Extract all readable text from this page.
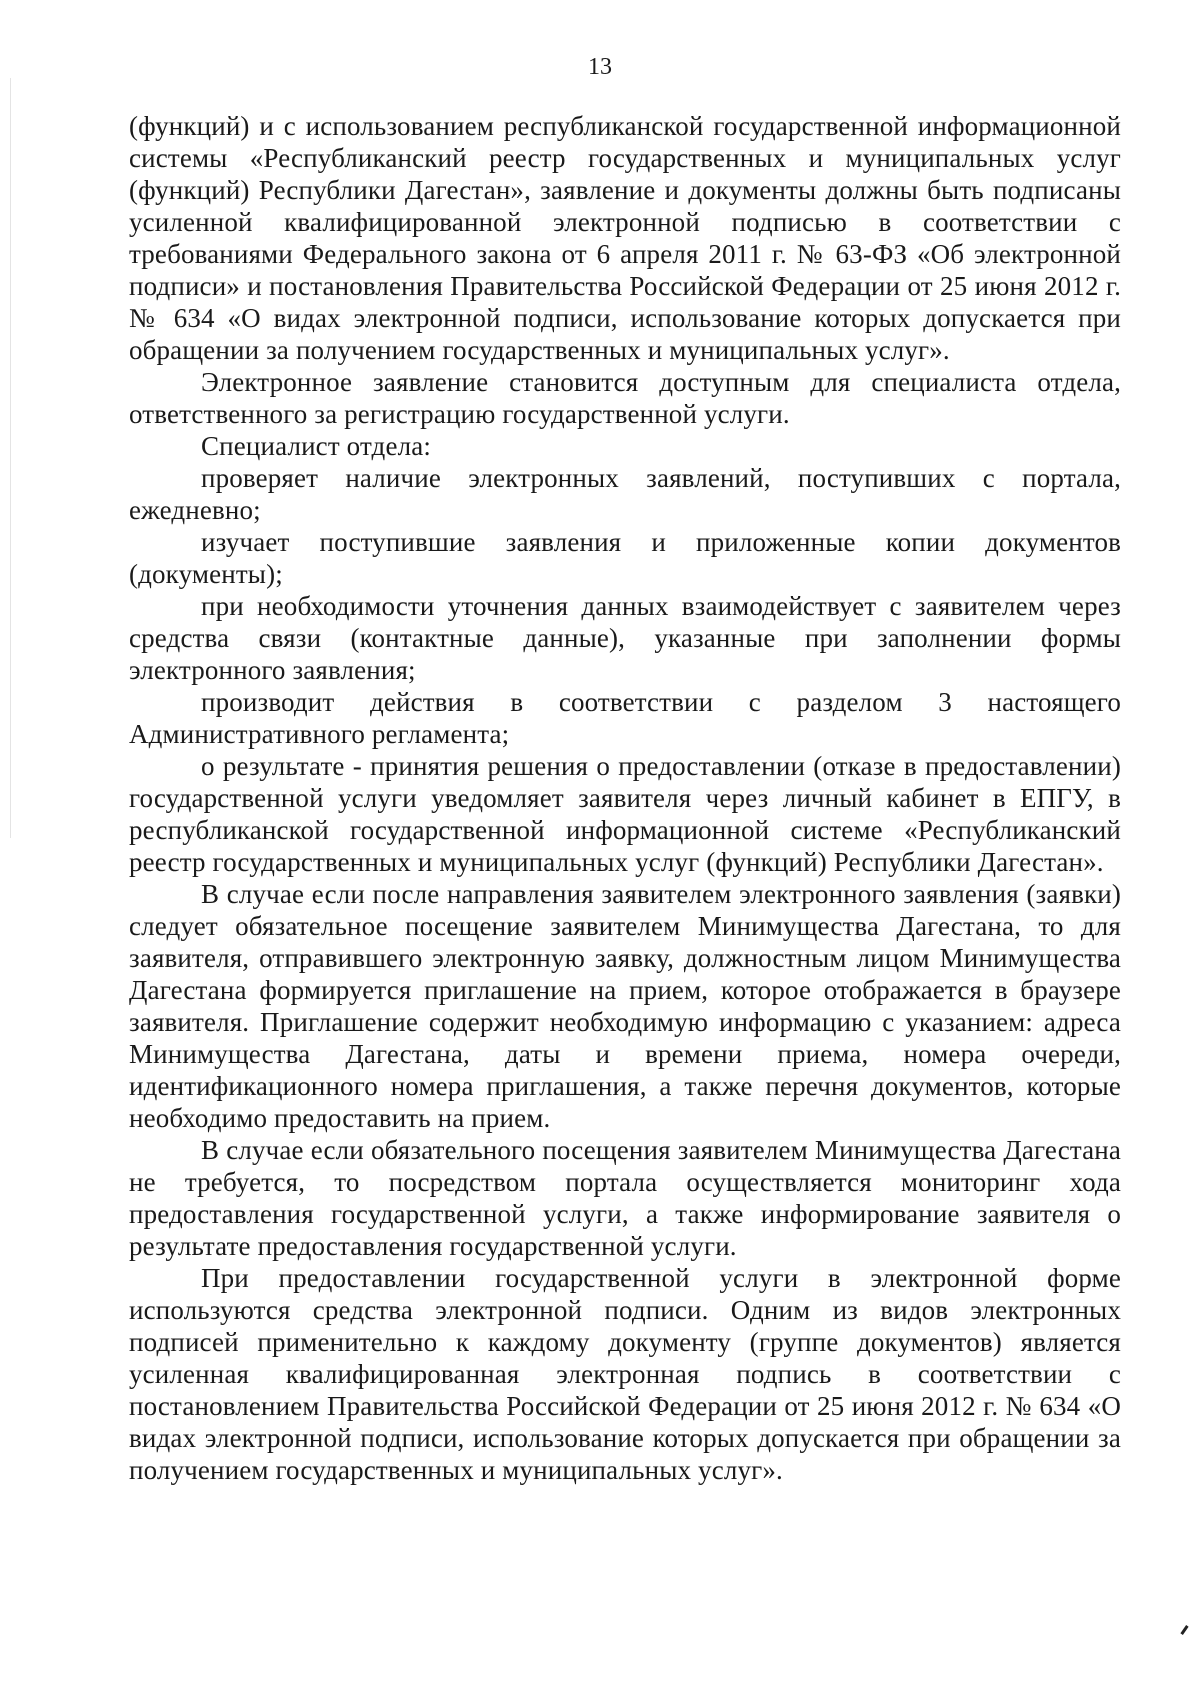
13

(функций) и с использованием республиканской государственной информационной системы «Республиканский реестр государственных и муниципальных услуг (функций) Республики Дагестан», заявление и документы должны быть подписаны усиленной квалифицированной электронной подписью в соответствии с требованиями Федерального закона от 6 апреля 2011 г. № 63-ФЗ «Об электронной подписи» и постановления Правительства Российской Федерации от 25 июня 2012 г. № 634 «О видах электронной подписи, использование которых допускается при обращении за получением государственных и муниципальных услуг».

Электронное заявление становится доступным для специалиста отдела, ответственного за регистрацию государственной услуги.

Специалист отдела:

проверяет наличие электронных заявлений, поступивших с портала, ежедневно;

изучает поступившие заявления и приложенные копии документов (документы);

при необходимости уточнения данных взаимодействует с заявителем через средства связи (контактные данные), указанные при заполнении формы электронного заявления;

производит действия в соответствии с разделом 3 настоящего Административного регламента;

о результате - принятия решения о предоставлении (отказе в предоставлении) государственной услуги уведомляет заявителя через личный кабинет в ЕПГУ, в республиканской государственной информационной системе «Республиканский реестр государственных и муниципальных услуг (функций) Республики Дагестан».

В случае если после направления заявителем электронного заявления (заявки) следует обязательное посещение заявителем Минимущества Дагестана, то для заявителя, отправившего электронную заявку, должностным лицом Минимущества Дагестана формируется приглашение на прием, которое отображается в браузере заявителя. Приглашение содержит необходимую информацию с указанием: адреса Минимущества Дагестана, даты и времени приема, номера очереди, идентификационного номера приглашения, а также перечня документов, которые необходимо предоставить на прием.

В случае если обязательного посещения заявителем Минимущества Дагестана не требуется, то посредством портала осуществляется мониторинг хода предоставления государственной услуги, а также информирование заявителя о результате предоставления государственной услуги.

При предоставлении государственной услуги в электронной форме используются средства электронной подписи. Одним из видов электронных подписей применительно к каждому документу (группе документов) является усиленная квалифицированная электронная подпись в соответствии с постановлением Правительства Российской Федерации от 25 июня 2012 г. № 634 «О видах электронной подписи, использование которых допускается при обращении за получением государственных и муниципальных услуг».
